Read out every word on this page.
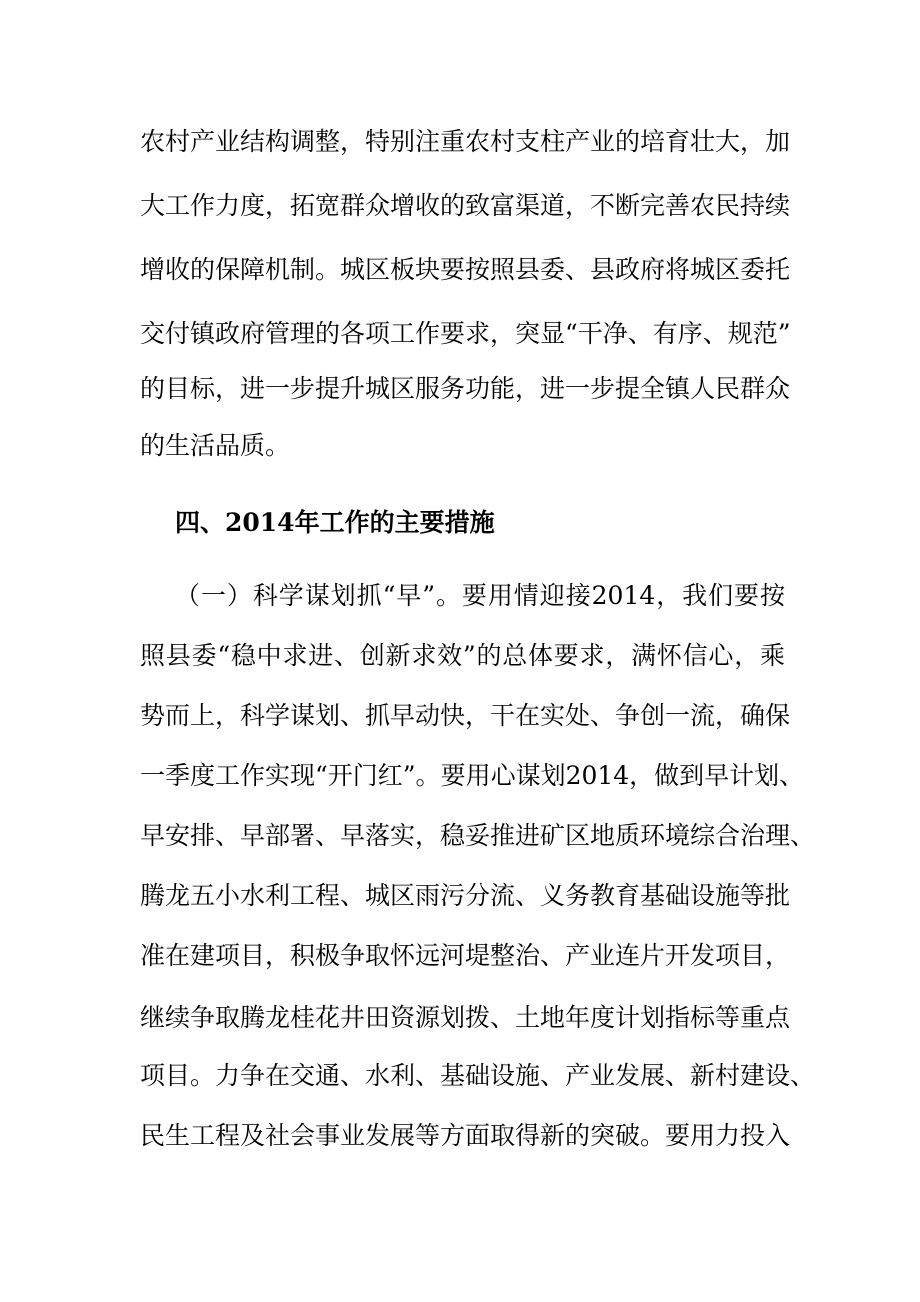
农村产业结构调整，特别注重农村支柱产业的培育壮大，加
大工作力度，拓宽群众增收的致富渠道，不断完善农民持续
增收的保障机制。城区板块要按照县委、县政府将城区委托
交付镇政府管理的各项工作要求，突显“干净、有序、规范”
的目标，进一步提升城区服务功能，进一步提全镇人民群众
的生活品质。
四、2014年工作的主要措施
（一）科学谋划抓“早”。要用情迎接2014，我们要按
照县委“稳中求进、创新求效”的总体要求，满怀信心，乘
势而上，科学谋划、抓早动快，干在实处、争创一流，确保
一季度工作实现“开门红”。要用心谋划2014，做到早计划、
早安排、早部署、早落实，稳妥推进矿区地质环境综合治理、
腾龙五小水利工程、城区雨污分流、义务教育基础设施等批
准在建项目，积极争取怀远河堤整治、产业连片开发项目，
继续争取腾龙桂花井田资源划拨、土地年度计划指标等重点
项目。力争在交通、水利、基础设施、产业发展、新村建设、
民生工程及社会事业发展等方面取得新的突破。要用力投入
